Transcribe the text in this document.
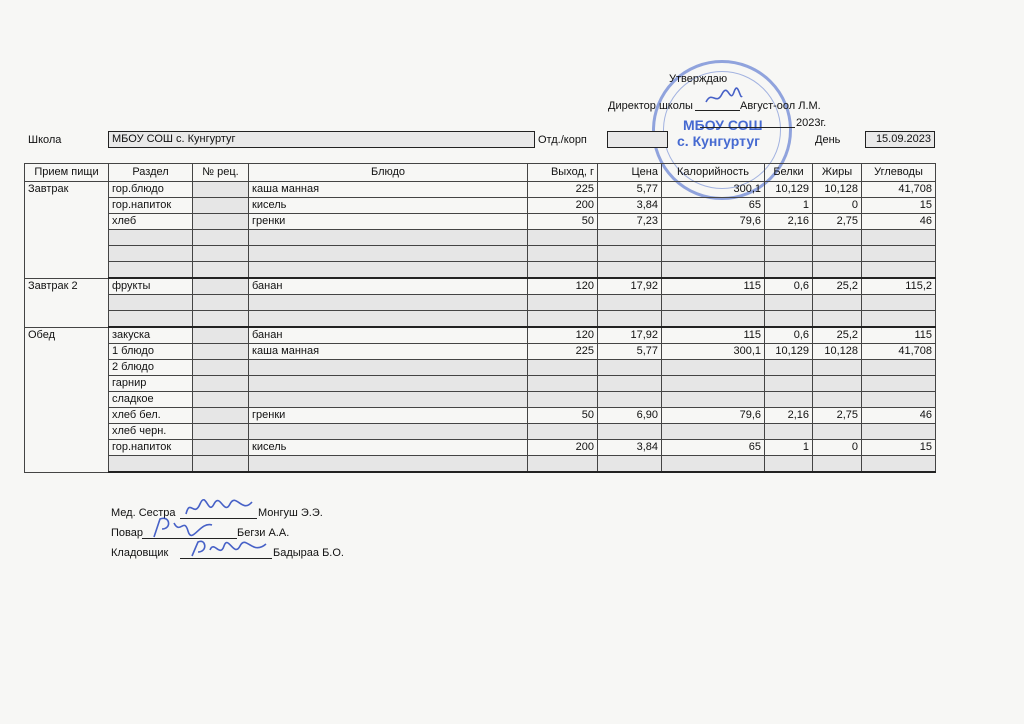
МБОУ СОШ
с. Кунгуртуг
Утверждаю
Директор школы	Август-оол Л.М.
2023г.
Школа	МБОУ СОШ с. Кунгуртуг	Отд./корп	День	15.09.2023
Прием пищи	Раздел	№ рец.	Блюдо	Выход, г	Цена	Калорийность	Белки	Жиры	Углеводы
Завтрак	гор.блюдо		каша манная	225	5,77	300,1	10,129	10,128	41,708
	гор.напиток		кисель	200	3,84	65	1	0	15
	хлеб		гренки	50	7,23	79,6	2,16	2,75	46

Завтрак 2	фрукты		банан	120	17,92	115	0,6	25,2	115,2

Обед	закуска		банан	120	17,92	115	0,6	25,2	115
	1 блюдо		каша манная	225	5,77	300,1	10,129	10,128	41,708
	2 блюдо								
	гарнир								
	сладкое								
	хлеб бел.		гренки	50	6,90	79,6	2,16	2,75	46
	хлеб черн.								
	гор.напиток		кисель	200	3,84	65	1	0	15

Мед. Сестра	Монгуш Э.Э.
Повар	Бегзи А.А.
Кладовщик	Бадыраа Б.О.
